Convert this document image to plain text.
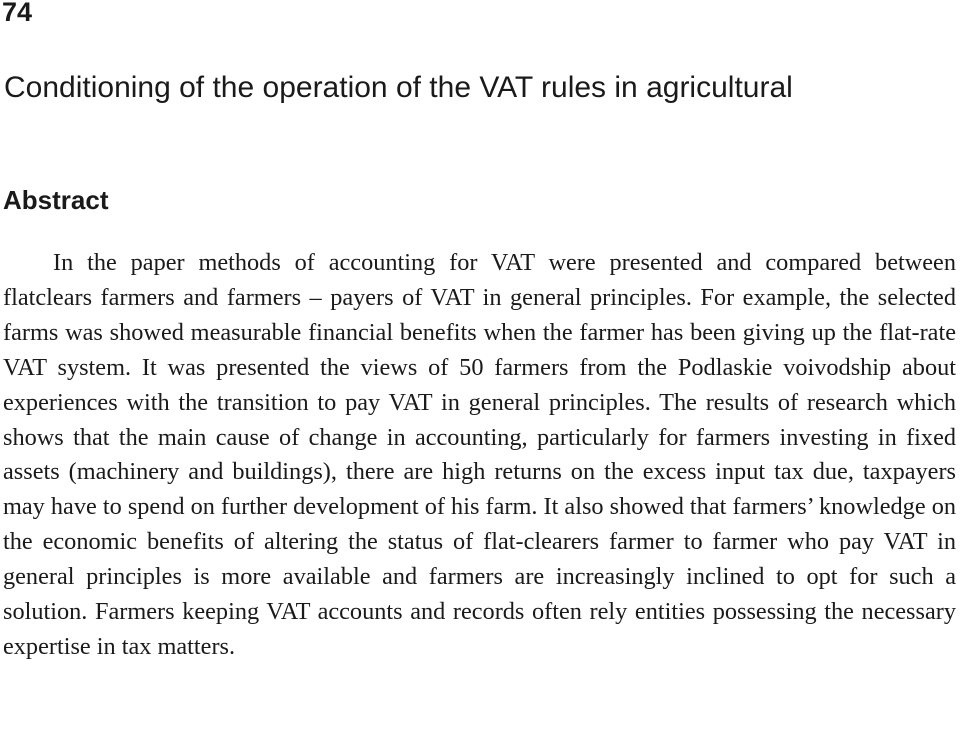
74
Conditioning of the operation of the VAT rules in agricultural
Abstract

In the paper methods of accounting for VAT were presented and compared between flatclears farmers and farmers – payers of VAT in general principles. For example, the selected farms was showed measurable financial benefits when the farmer has been giving up the flat-rate VAT system. It was presented the views of 50 farmers from the Podlaskie voivodship about experiences with the transition to pay VAT in general principles. The results of research which shows that the main cause of change in accounting, particularly for farmers investing in fixed assets (machinery and buildings), there are high returns on the excess input tax due, taxpayers may have to spend on further development of his farm. It also showed that farmers’ knowledge on the economic benefits of altering the status of flat-clearers farmer to farmer who pay VAT in general principles is more available and farmers are increasingly inclined to opt for such a solution. Farmers keeping VAT accounts and records often rely entities possessing the necessary expertise in tax matters.
